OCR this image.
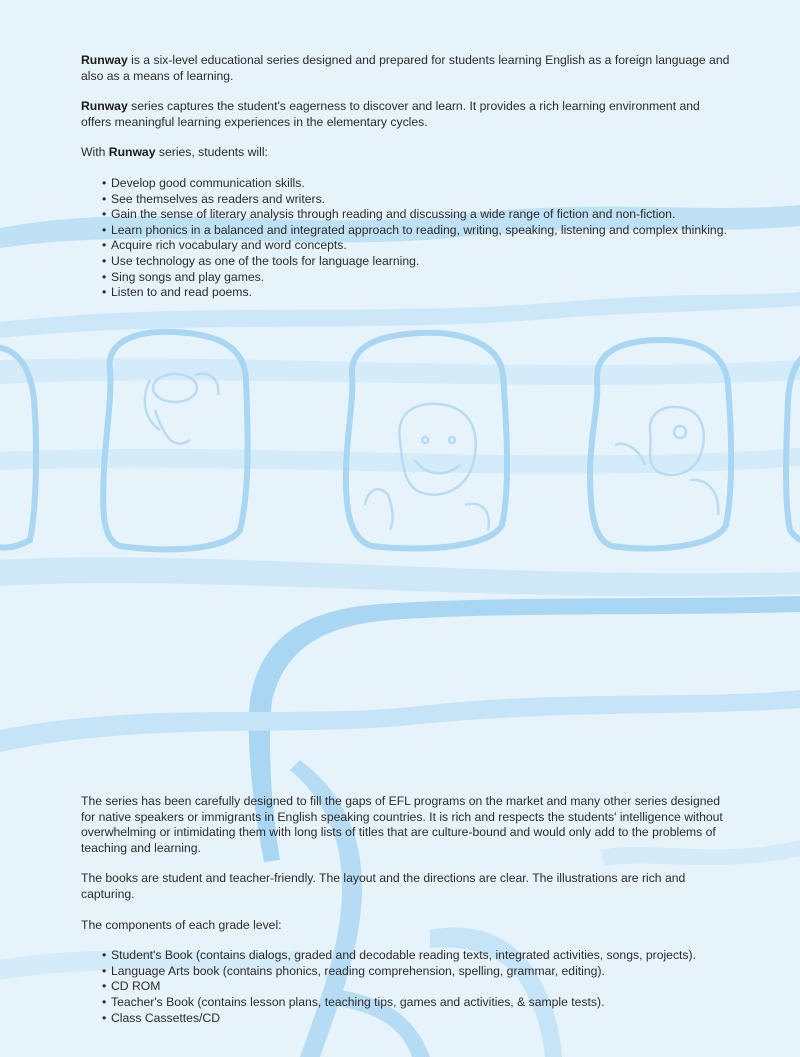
Runway is a six-level educational series designed and prepared for students learning English as a foreign language and also as a means of learning.

Runway series captures the student's eagerness to discover and learn. It provides a rich learning environment and offers meaningful learning experiences in the elementary cycles.

With Runway series, students will:

• Develop good communication skills.
• See themselves as readers and writers.
• Gain the sense of literary analysis through reading and discussing a wide range of fiction and non-fiction.
• Learn phonics in a balanced and integrated approach to reading, writing, speaking, listening and complex thinking.
• Acquire rich vocabulary and word concepts.
• Use technology as one of the tools for language learning.
• Sing songs and play games.
• Listen to and read poems.

The series has been carefully designed to fill the gaps of EFL programs on the market and many other series designed for native speakers or immigrants in English speaking countries. It is rich and respects the students' intelligence without overwhelming or intimidating them with long lists of titles that are culture-bound and would only add to the problems of teaching and learning.

The books are student and teacher-friendly. The layout and the directions are clear. The illustrations are rich and capturing.

The components of each grade level:

• Student's Book (contains dialogs, graded and decodable reading texts, integrated activities, songs, projects).
• Language Arts book (contains phonics, reading comprehension, spelling, grammar, editing).
• CD ROM
• Teacher's Book (contains lesson plans, teaching tips, games and activities, & sample tests).
• Class Cassettes/CD
